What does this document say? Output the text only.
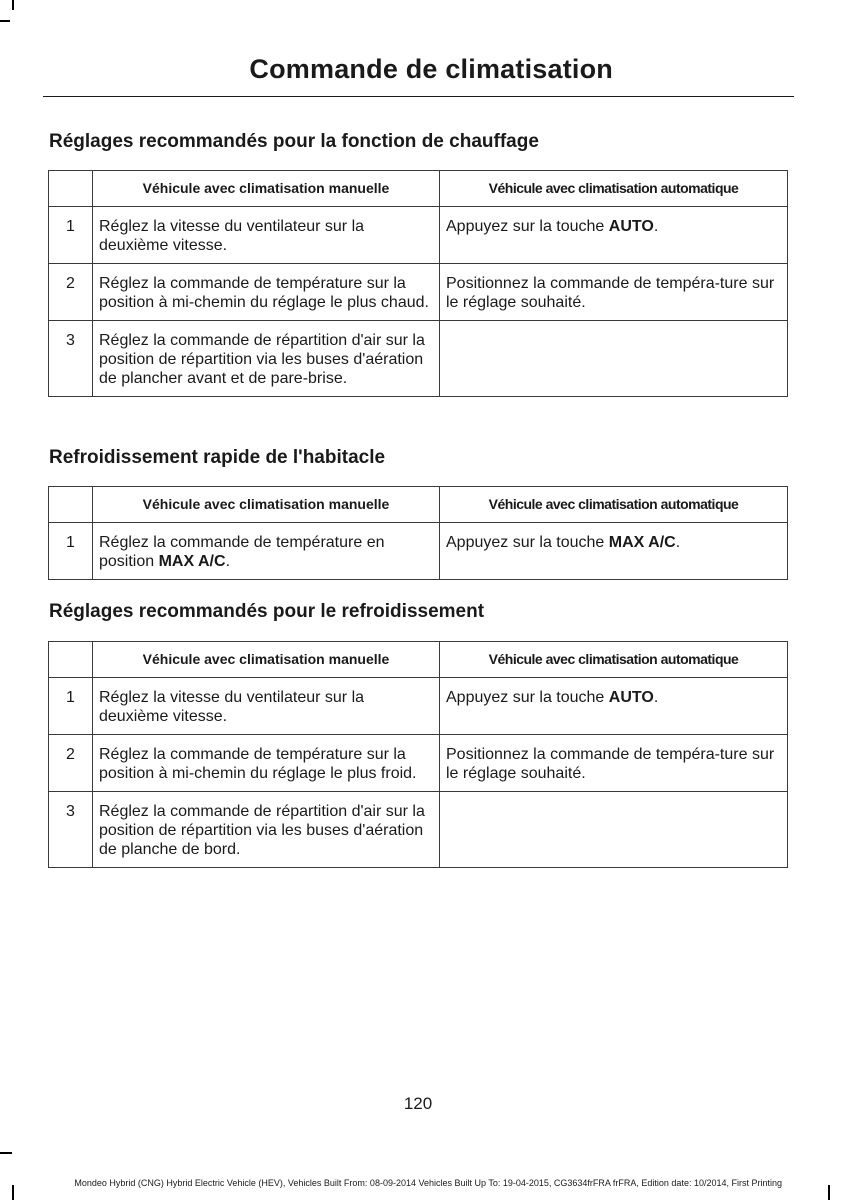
Commande de climatisation
Réglages recommandés pour la fonction de chauffage
	Véhicule avec climatisation manuelle	Véhicule avec climatisation automatique
1	Réglez la vitesse du ventilateur sur la deuxième vitesse.	Appuyez sur la touche AUTO.
2	Réglez la commande de température sur la position à mi-chemin du réglage le plus chaud.	Positionnez la commande de tempéra-ture sur le réglage souhaité.
3	Réglez la commande de répartition d'air sur la position de répartition via les buses d'aération de plancher avant et de pare-brise.	
Refroidissement rapide de l'habitacle
	Véhicule avec climatisation manuelle	Véhicule avec climatisation automatique
1	Réglez la commande de température en position MAX A/C.	Appuyez sur la touche MAX A/C.
Réglages recommandés pour le refroidissement
	Véhicule avec climatisation manuelle	Véhicule avec climatisation automatique
1	Réglez la vitesse du ventilateur sur la deuxième vitesse.	Appuyez sur la touche AUTO.
2	Réglez la commande de température sur la position à mi-chemin du réglage le plus froid.	Positionnez la commande de tempéra-ture sur le réglage souhaité.
3	Réglez la commande de répartition d'air sur la position de répartition via les buses d'aération de planche de bord.	
120
Mondeo Hybrid (CNG) Hybrid Electric Vehicle (HEV), Vehicles Built From: 08-09-2014 Vehicles Built Up To: 19-04-2015, CG3634frFRA frFRA, Edition date: 10/2014, First Printing
